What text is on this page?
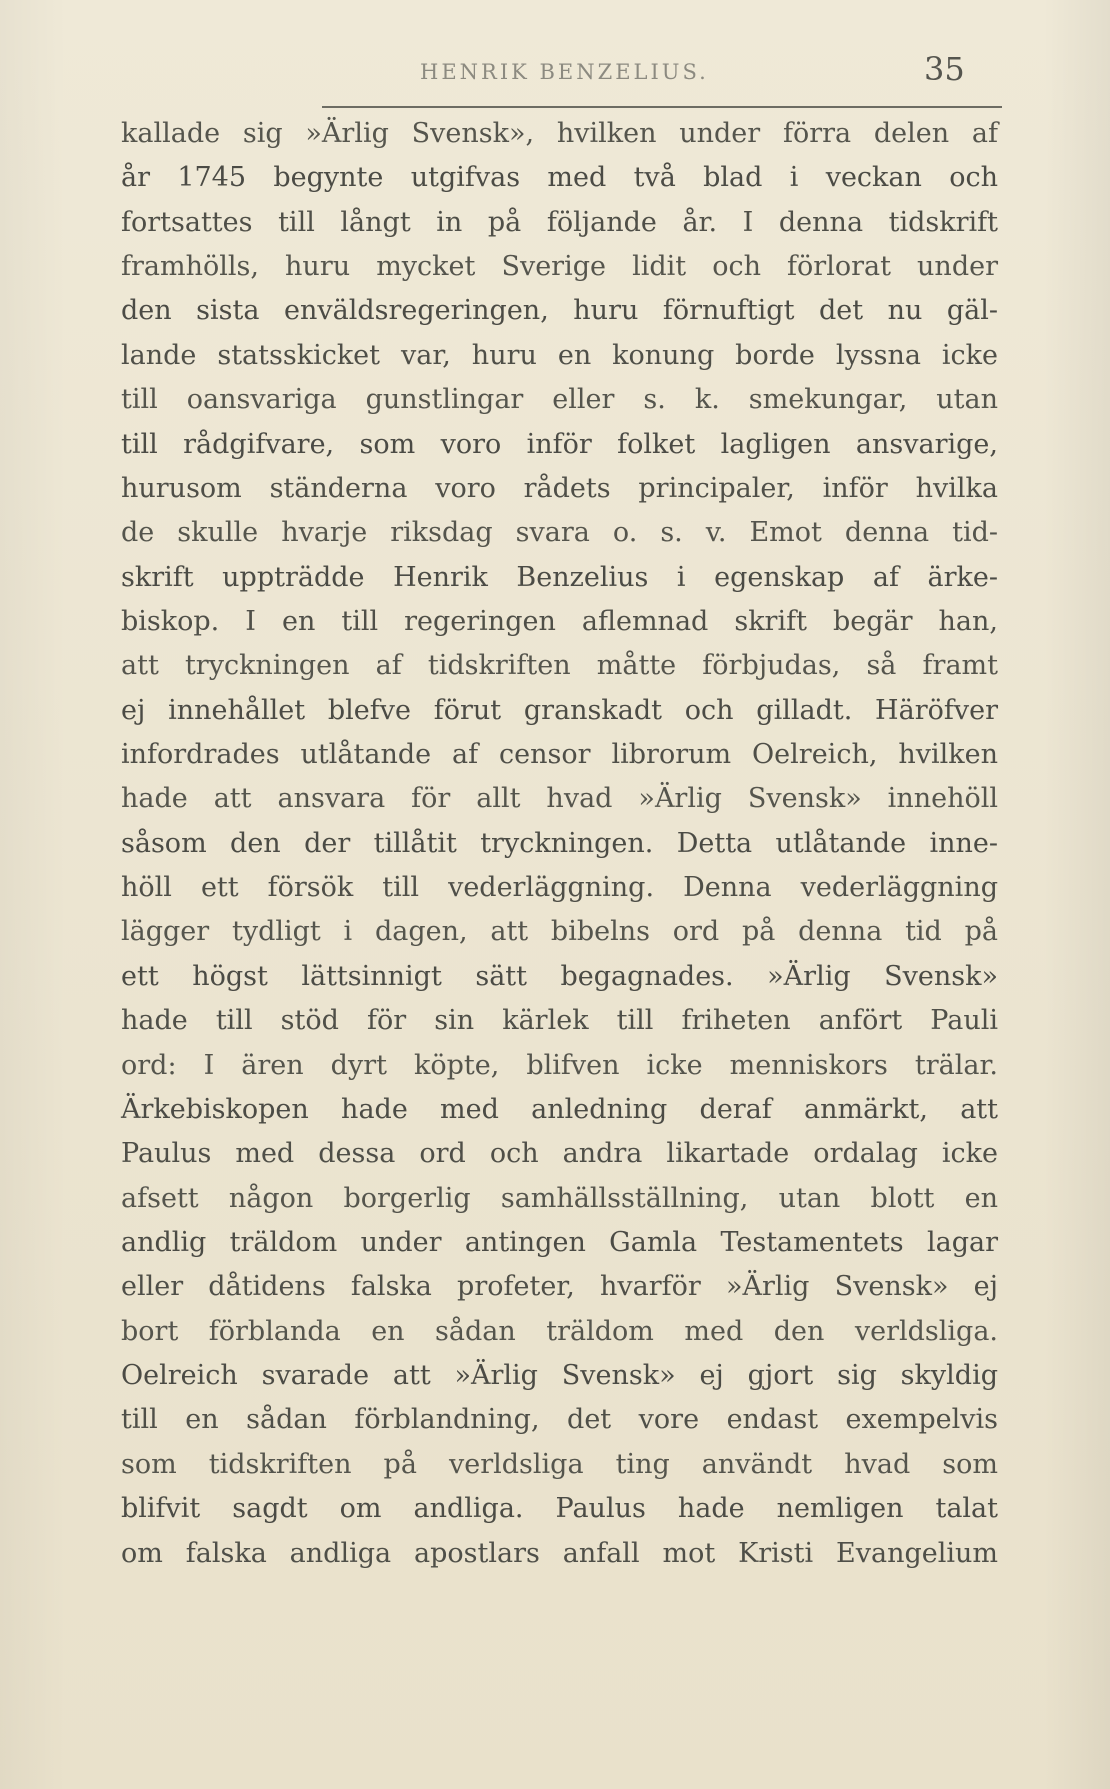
HENRIK BENZELIUS.	35
kallade sig »Ärlig Svensk», hvilken under förra delen af
år 1745 begynte utgifvas med två blad i veckan och
fortsattes till långt in på följande år. I denna tidskrift
framhölls, huru mycket Sverige lidit och förlorat under
den sista enväldsregeringen, huru förnuftigt det nu gäl-
lande statsskicket var, huru en konung borde lyssna icke
till oansvariga gunstlingar eller s. k. smekungar, utan
till rådgifvare, som voro inför folket lagligen ansvarige,
hurusom ständerna voro rådets principaler, inför hvilka
de skulle hvarje riksdag svara o. s. v. Emot denna tid-
skrift uppträdde Henrik Benzelius i egenskap af ärke-
biskop. I en till regeringen aflemnad skrift begär han,
att tryckningen af tidskriften måtte förbjudas, så framt
ej innehållet blefve förut granskadt och gilladt. Häröfver
infordrades utlåtande af censor librorum Oelreich, hvilken
hade att ansvara för allt hvad »Ärlig Svensk» innehöll
såsom den der tillåtit tryckningen. Detta utlåtande inne-
höll ett försök till vederläggning. Denna vederläggning
lägger tydligt i dagen, att bibelns ord på denna tid på
ett högst lättsinnigt sätt begagnades. »Ärlig Svensk»
hade till stöd för sin kärlek till friheten anfört Pauli
ord: I ären dyrt köpte, blifven icke menniskors trälar.
Ärkebiskopen hade med anledning deraf anmärkt, att
Paulus med dessa ord och andra likartade ordalag icke
afsett någon borgerlig samhällsställning, utan blott en
andlig träldom under antingen Gamla Testamentets lagar
eller dåtidens falska profeter, hvarför »Ärlig Svensk» ej
bort förblanda en sådan träldom med den verldsliga.
Oelreich svarade att »Ärlig Svensk» ej gjort sig skyldig
till en sådan förblandning, det vore endast exempelvis
som tidskriften på verldsliga ting användt hvad som
blifvit sagdt om andliga. Paulus hade nemligen talat
om falska andliga apostlars anfall mot Kristi Evangelium
